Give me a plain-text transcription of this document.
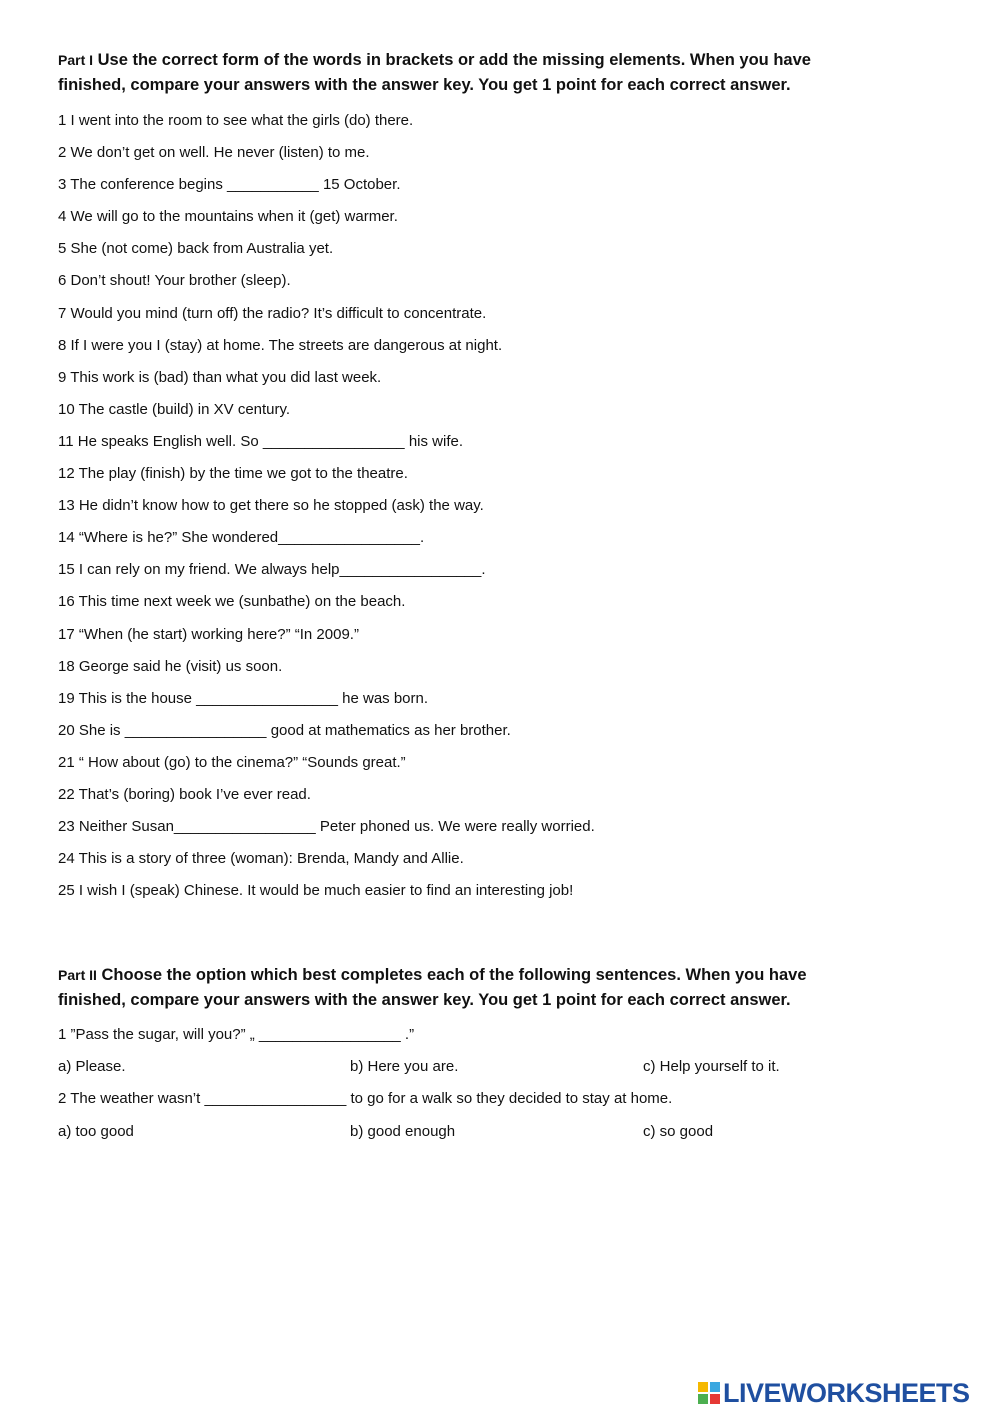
Part I Use the correct form of the words in brackets or add the missing elements. When you have finished, compare your answers with the answer key. You get 1 point for each correct answer.

1 I went into the room to see what the girls (do) there.
2 We don’t get on well. He never (listen) to me.
3 The conference begins ___________ 15 October.
4 We will go to the mountains when it (get) warmer.
5 She (not come) back from Australia yet.
6 Don’t shout! Your brother (sleep).
7 Would you mind (turn off) the radio? It’s difficult to concentrate.
8 If I were you I (stay) at home. The streets are dangerous at night.
9 This work is (bad) than what you did last week.
10 The castle (build) in XV century.
11 He speaks English well. So _________________ his wife.
12 The play (finish) by the time we got to the theatre.
13 He didn’t know how to get there so he stopped (ask) the way.
14 “Where is he?” She wondered_________________.
15 I can rely on my friend. We always help_________________.
16 This time next week we (sunbathe) on the beach.
17 “When (he start) working here?” “In 2009.”
18 George said he (visit) us soon.
19 This is the house _________________ he was born.
20 She is _________________ good at mathematics as her brother.
21 “ How about (go) to the cinema?” “Sounds great.”
22 That’s (boring) book I’ve ever read.
23 Neither Susan_________________ Peter phoned us. We were really worried.
24 This is a story of three (woman): Brenda, Mandy and Allie.
25 I wish I (speak) Chinese. It would be much easier to find an interesting job!

Part II Choose the option which best completes each of the following sentences. When you have finished, compare your answers with the answer key. You get 1 point for each correct answer.

1 ”Pass the sugar, will you?” „ _________________ .”
a) Please.	b) Here you are.	c) Help yourself to it.
2 The weather wasn’t _________________ to go for a walk so they decided to stay at home.
a) too good	b) good enough	c) so good
LIVEWORKSHEETS
